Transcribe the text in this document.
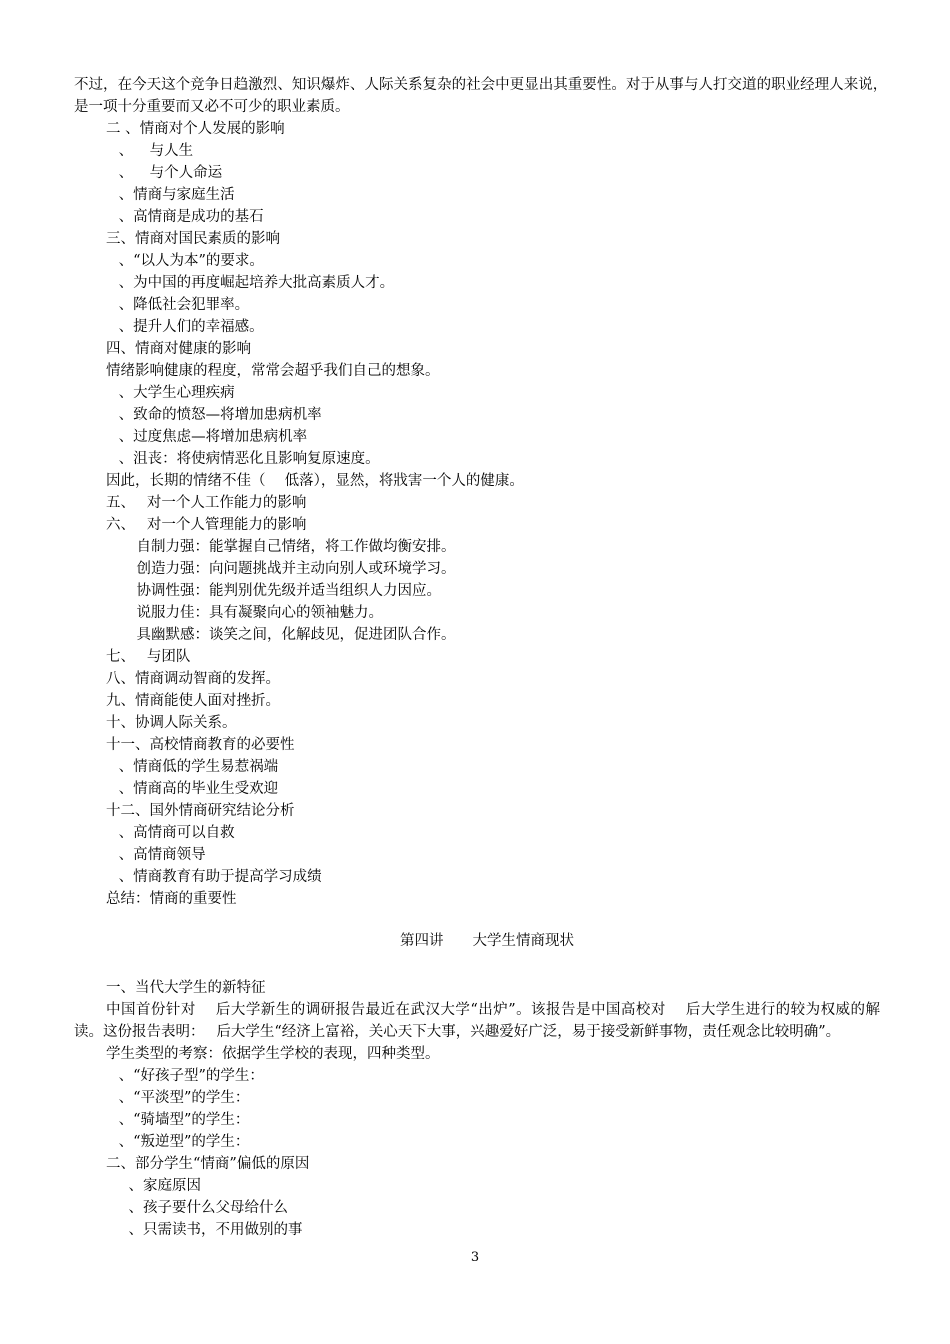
不过，在今天这个竞争日趋激烈、知识爆炸、人际关系复杂的社会中更显出其重要性。对于从事与人打交道的职业经理人来说，　　是一项十分重要而又必不可少的职业素质。
二 、情商对个人发展的影响
、　  与人生
、　  与个人命运
、情商与家庭生活
、高情商是成功的基石
三、情商对国民素质的影响
、“以人为本”的要求。
、为中国的再度崛起培养大批高素质人才。
、降低社会犯罪率。
、提升人们的幸福感。
四、情商对健康的影响
情绪影响健康的程度，常常会超乎我们自己的想象。
、大学生心理疾病
、致命的愤怒—将增加患病机率
、过度焦虑—将增加患病机率
、沮丧：将使病情恶化且影响复原速度。
因此，长期的情绪不佳（　 低落），显然，将戕害一个人的健康。
五、　 对一个人工作能力的影响
六、　 对一个人管理能力的影响
　自制力强：能掌握自己情绪，将工作做均衡安排。
　创造力强：向问题挑战并主动向别人或环境学习。
　协调性强：能判别优先级并适当组织人力因应。
　说服力佳：具有凝聚向心的领袖魅力。
　具幽默感：谈笑之间，化解歧见，促进团队合作。
七、　 与团队
八、情商调动智商的发挥。
九、情商能使人面对挫折。
十、协调人际关系。
十一、高校情商教育的必要性
、情商低的学生易惹祸端
、情商高的毕业生受欢迎
十二、国外情商研究结论分析
、高情商可以自救
、高情商领导
、情商教育有助于提高学习成绩
总结：情商的重要性
第四讲　　大学生情商现状
一、当代大学生的新特征
中国首份针对　 后大学新生的调研报告最近在武汉大学“出炉”。该报告是中国高校对　 后大学生进行的较为权威的解读。这份报告表明：　 后大学生“经济上富裕，关心天下大事，兴趣爱好广泛，易于接受新鲜事物，责任观念比较明确”。
学生类型的考察：依据学生学校的表现，四种类型。
、“好孩子型”的学生：
、“平淡型”的学生：
、“骑墙型”的学生：
、“叛逆型”的学生：
二、部分学生“情商”偏低的原因
　、家庭原因
　、孩子要什么父母给什么
　、只需读书，不用做别的事
3
